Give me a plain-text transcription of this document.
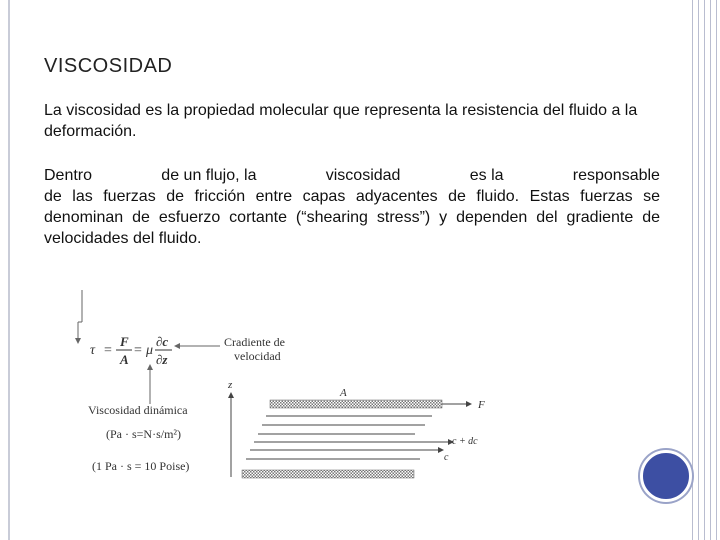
VISCOSIDAD
La viscosidad es la propiedad molecular que representa la resistencia del fluido a la deformación.
Dentro	de un flujo, la	viscosidad	es la	responsable
de las fuerzas de fricción entre capas adyacentes de fluido. Estas fuerzas se denominan de esfuerzo cortante (“shearing stress”) y dependen del gradiente de velocidades del fluido.
τ =
F
A
= μ
∂c
∂z
Cradiente de
velocidad
Viscosidad dinámica
(Pa · s=N·s/m²)
(1 Pa · s = 10 Poise)
z
A
F
c + dc
c
